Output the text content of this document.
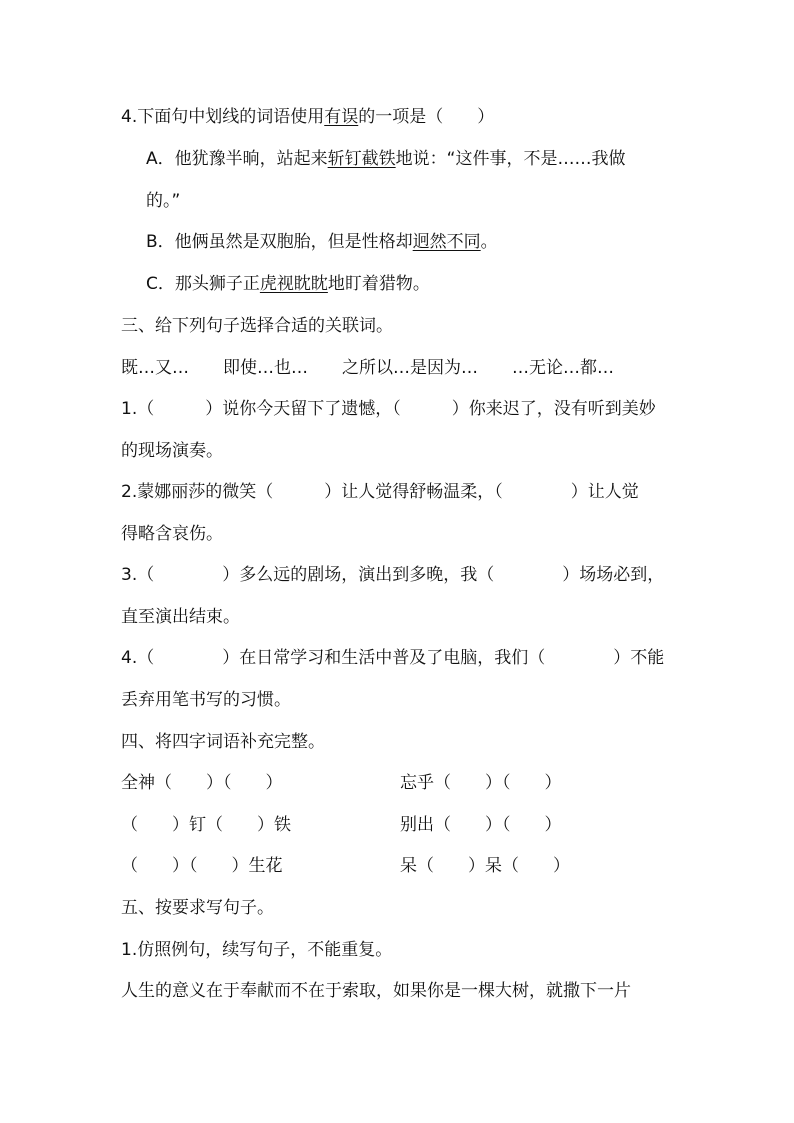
4.下面句中划线的词语使用有误的一项是（　　）
A．他犹豫半晌，站起来斩钉截铁地说：“这件事，不是……我做
的。”
B．他俩虽然是双胞胎，但是性格却迥然不同。
C．那头狮子正虎视眈眈地盯着猎物。
三、给下列句子选择合适的关联词。
既…又…　　即使…也…　　之所以…是因为…　　…无论…都…
1.（　　　）说你今天留下了遗憾，（　　　）你来迟了，没有听到美妙
的现场演奏。
2.蒙娜丽莎的微笑（　　　）让人觉得舒畅温柔，（　　　　）让人觉
得略含哀伤。
3.（　　　　）多么远的剧场，演出到多晚，我（　　　　）场场必到，
直至演出结束。
4.（　　　　）在日常学习和生活中普及了电脑，我们（　　　　）不能
丢弃用笔书写的习惯。
四、将四字词语补充完整。
全神（　　）（　　）	忘乎（　　）（　　）
（　　）钉（　　）铁	别出（　　）（　　）
（　　）（　　）生花	呆（　　）呆（　　）
五、按要求写句子。
1.仿照例句，续写句子，不能重复。
人生的意义在于奉献而不在于索取，如果你是一棵大树，就撒下一片
